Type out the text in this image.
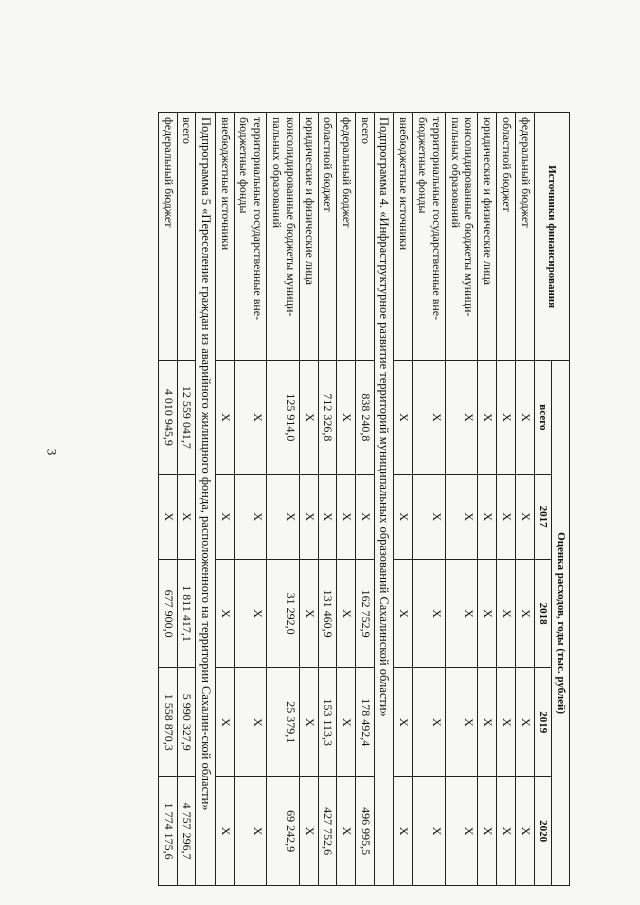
3
Источники финансирования	Оценка расходов, годы (тыс. рублей)				
	всего	2017	2018	2019	2020
федеральный бюджет	X	X	X	X	X
областной бюджет	X	X	X	X	X
юридические и физические лица	X	X	X	X	X
консолидированные бюджеты муници-пальных образований	X	X	X	X	X
территориальные государственные вне-бюджетные фонды	X	X	X	X	X
внебюджетные источники	X	X	X	X	X
Подпрограмма 4. «Инфраструктурное развитие территорий муниципальных образований Сахалинской области»					
всего	838 240,8	X	162 752,9	178 492,4	496 995,5
федеральный бюджет	X	X	X	X	X
областной бюджет	712 326,8	X	131 460,9	153 113,3	427 752,6
юридические и физические лица	X	X	X	X	X
консолидированные бюджеты муници-пальных образований	125 914,0	X	31 292,0	25 379,1	69 242,9
территориальные государственные вне-бюджетные фонды	X	X	X	X	X
внебюджетные источники	X	X	X	X	X
Подпрограмма 5 «Переселение граждан из аварийного жилищного фонда, расположенного на территории Сахалин-ской области»					
всего	12 559 041,7	X	1 811 417,1	5 990 327,9	4 757 296,7
федеральный бюджет	4 010 945,9	X	677 900,0	1 558 870,3	1 774 175,6
